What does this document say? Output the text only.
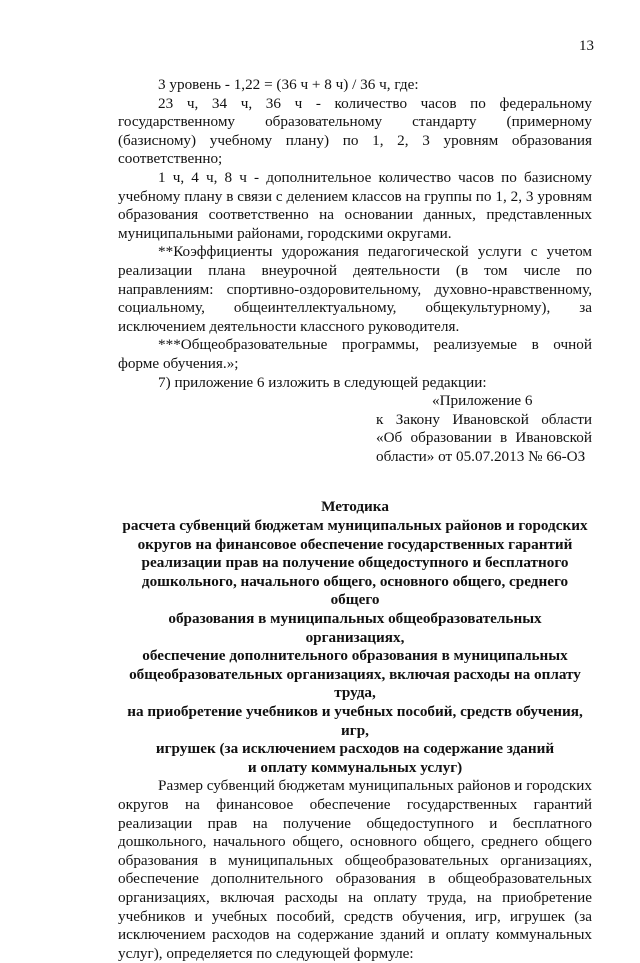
13

3 уровень - 1,22 = (36 ч + 8 ч) / 36 ч, где:

23 ч, 34 ч, 36 ч - количество часов по федеральному государственному образовательному стандарту (примерному (базисному) учебному плану) по 1, 2, 3 уровням образования соответственно;

1 ч, 4 ч, 8 ч - дополнительное количество часов по базисному учебному плану в связи с делением классов на группы по 1, 2, 3 уровням образования соответственно на основании данных, представленных муниципальными районами, городскими округами.

**Коэффициенты удорожания педагогической услуги с учетом реализации плана внеурочной деятельности (в том числе по направлениям: спортивно-оздоровительному, духовно-нравственному, социальному, общеинтеллектуальному, общекультурному), за исключением деятельности классного руководителя.

***Общеобразовательные программы, реализуемые в очной форме обучения.»;

7) приложение 6 изложить в следующей редакции:

«Приложение 6
к Закону Ивановской области «Об образовании в Ивановской области» от 05.07.2013 № 66-ОЗ
Методика
расчета субвенций бюджетам муниципальных районов и городских
округов на финансовое обеспечение государственных гарантий
реализации прав на получение общедоступного и бесплатного
дошкольного, начального общего, основного общего, среднего общего
образования в муниципальных общеобразовательных организациях,
обеспечение дополнительного образования в муниципальных
общеобразовательных организациях, включая расходы на оплату труда,
на приобретение учебников и учебных пособий, средств обучения, игр,
игрушек (за исключением расходов на содержание зданий
и оплату коммунальных услуг)

Размер субвенций бюджетам муниципальных районов и городских округов на финансовое обеспечение государственных гарантий реализации прав на получение общедоступного и бесплатного дошкольного, начального общего, основного общего, среднего общего образования в муниципальных общеобразовательных организациях, обеспечение дополнительного образования в общеобразовательных организациях, включая расходы на оплату труда, на приобретение учебников и учебных пособий, средств обучения, игр, игрушек (за исключением расходов на содержание зданий и оплату коммунальных услуг), определяется по следующей формуле:
